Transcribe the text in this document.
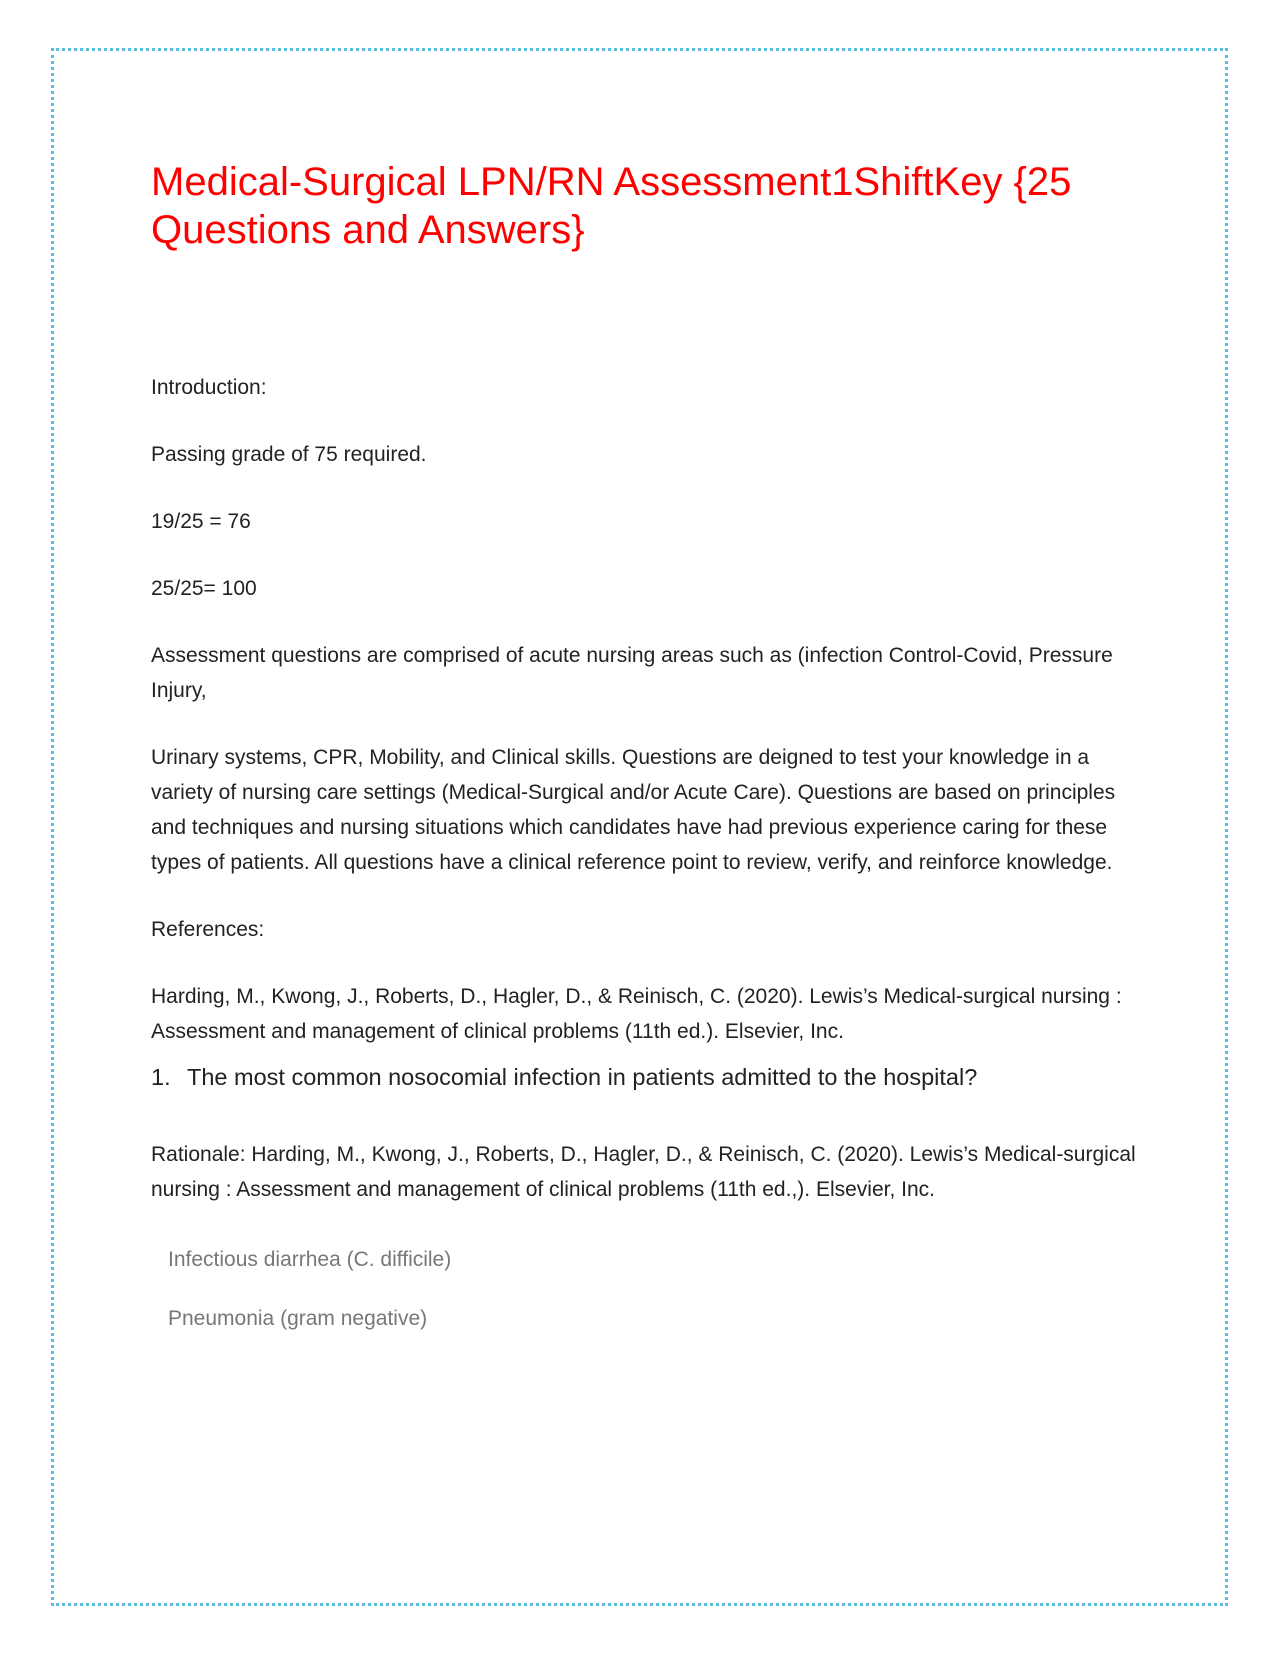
Medical-Surgical LPN/RN Assessment1ShiftKey {25 Questions and Answers}

Introduction:

Passing grade of 75 required.

19/25 = 76

25/25= 100

Assessment questions are comprised of acute nursing areas such as (infection Control-Covid, Pressure Injury,

Urinary systems, CPR, Mobility, and Clinical skills. Questions are deigned to test your knowledge in a variety of nursing care settings (Medical-Surgical and/or Acute Care). Questions are based on principles and techniques and nursing situations which candidates have had previous experience caring for these types of patients. All questions have a clinical reference point to review, verify, and reinforce knowledge.

References:

Harding, M., Kwong, J., Roberts, D., Hagler, D., & Reinisch, C. (2020). Lewis’s Medical-surgical nursing : Assessment and management of clinical problems (11th ed.). Elsevier, Inc.

1. The most common nosocomial infection in patients admitted to the hospital?

Rationale: Harding, M., Kwong, J., Roberts, D., Hagler, D., & Reinisch, C. (2020). Lewis’s Medical-surgical nursing : Assessment and management of clinical problems (11th ed.,). Elsevier, Inc.

Infectious diarrhea (C. difficile)

Pneumonia (gram negative)
